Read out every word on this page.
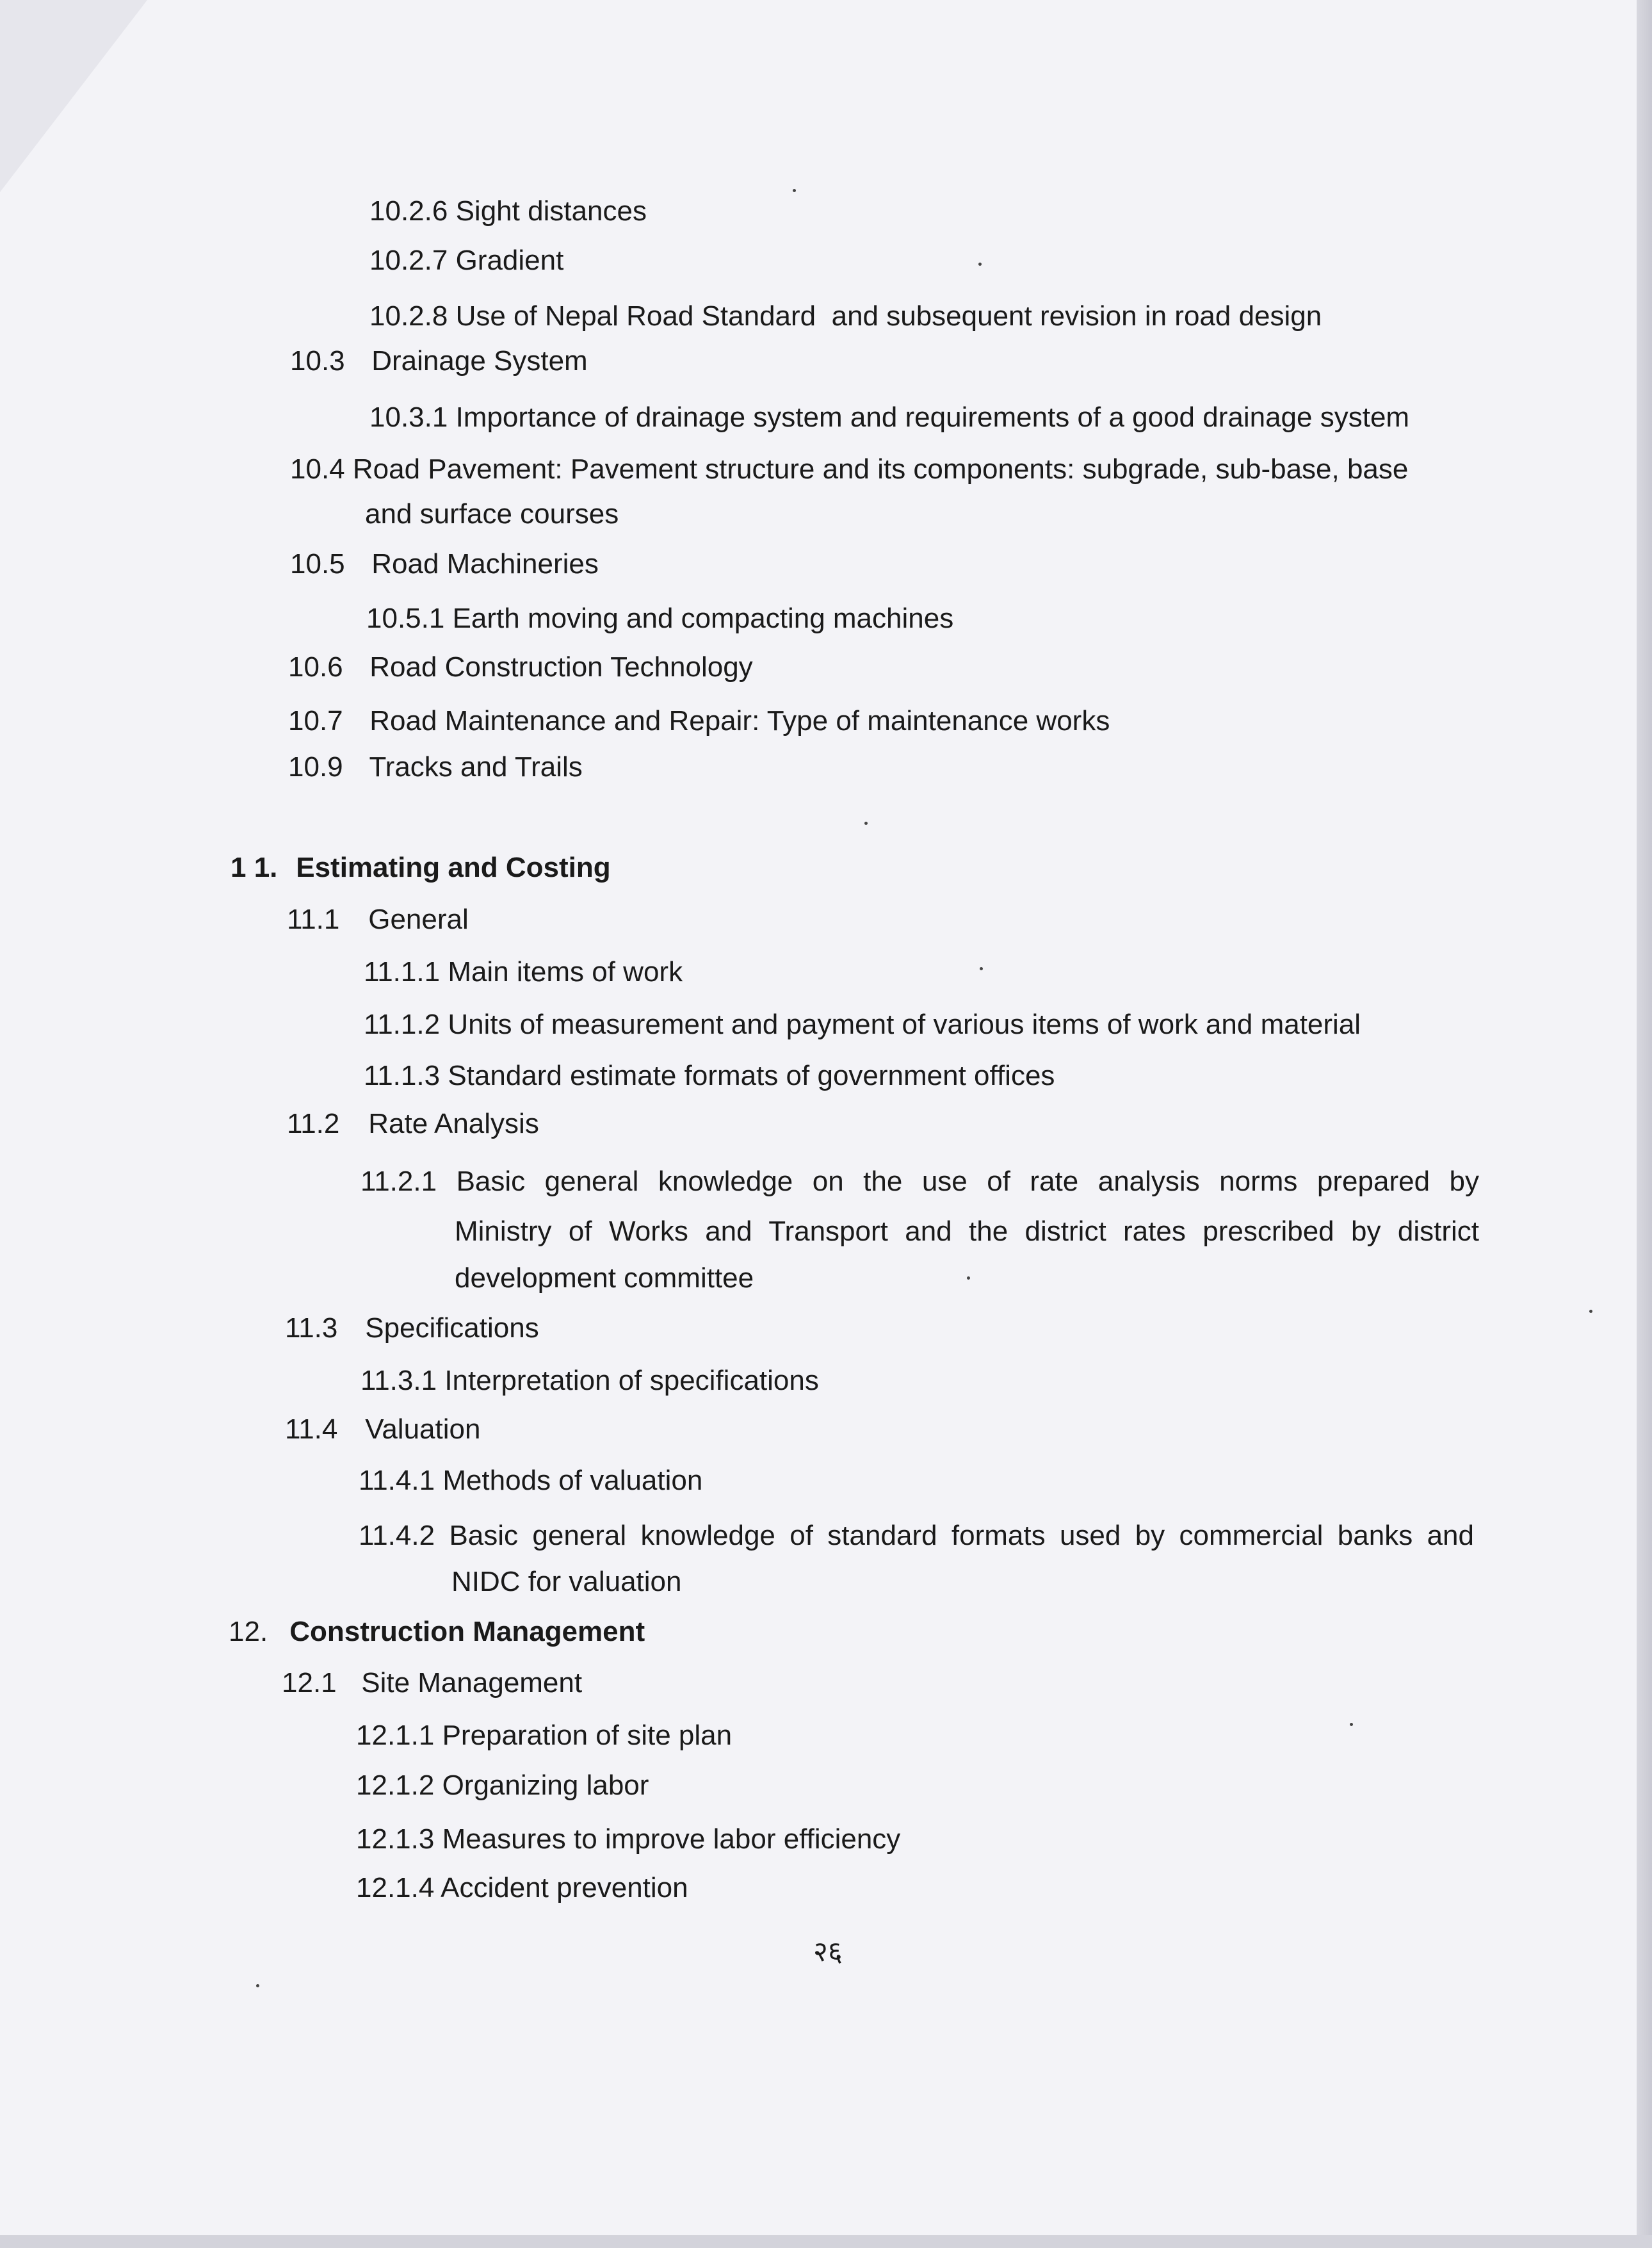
10.2.6 Sight distances
10.2.7 Gradient
10.2.8 Use of Nepal Road Standard  and subsequent revision in road design
10.3 Drainage System
10.3.1 Importance of drainage system and requirements of a good drainage system
10.4 Road Pavement: Pavement structure and its components: subgrade, sub-base, base
and surface courses
10.5 Road Machineries
10.5.1 Earth moving and compacting machines
10.6 Road Construction Technology
10.7 Road Maintenance and Repair: Type of maintenance works
10.9 Tracks and Trails
1 1. Estimating and Costing
11.1 General
11.1.1 Main items of work
11.1.2 Units of measurement and payment of various items of work and material
11.1.3 Standard estimate formats of government offices
11.2 Rate Analysis
11.2.1 Basic general knowledge on the use of rate analysis norms prepared by
Ministry of Works and Transport and the district rates prescribed by district
development committee
11.3 Specifications
11.3.1 Interpretation of specifications
11.4 Valuation
11.4.1 Methods of valuation
11.4.2 Basic general knowledge of standard formats used by commercial banks and
NIDC for valuation
12. Construction Management
12.1 Site Management
12.1.1 Preparation of site plan
12.1.2 Organizing labor
12.1.3 Measures to improve labor efficiency
12.1.4 Accident prevention
२६
